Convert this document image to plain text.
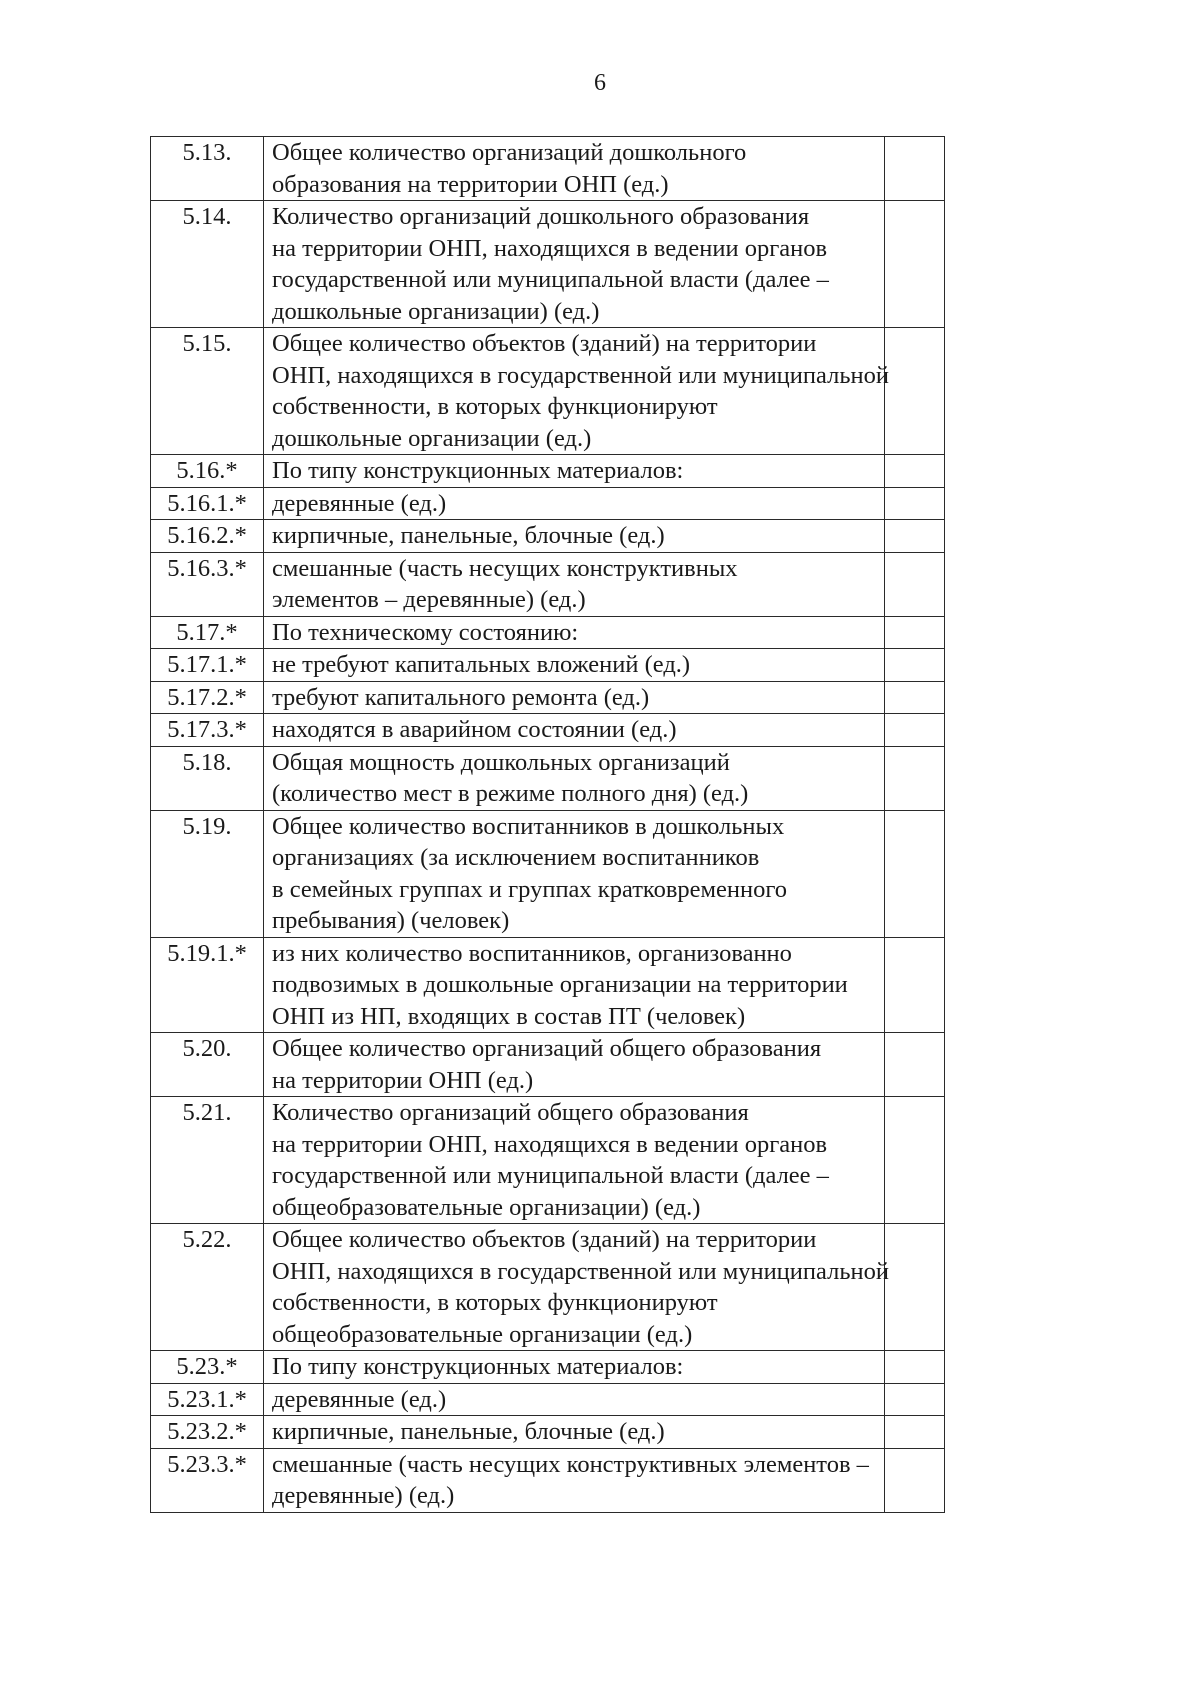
6
5.13.	Общее количество организаций дошкольного
образования на территории ОНП (ед.)	

5.14.	Количество организаций дошкольного образования
на территории ОНП, находящихся в ведении органов
государственной или муниципальной власти (далее –
дошкольные организации) (ед.)	

5.15.	Общее количество объектов (зданий) на территории
ОНП, находящихся в государственной или муниципальной
собственности, в которых функционируют
дошкольные организации (ед.)	

5.16.*	По типу конструкционных материалов:	

5.16.1.*	деревянные (ед.)	

5.16.2.*	кирпичные, панельные, блочные (ед.)	

5.16.3.*	смешанные (часть несущих конструктивных
элементов – деревянные) (ед.)	

5.17.*	По техническому состоянию:	

5.17.1.*	не требуют капитальных вложений (ед.)	

5.17.2.*	требуют капитального ремонта (ед.)	

5.17.3.*	находятся в аварийном состоянии (ед.)	

5.18.	Общая мощность дошкольных организаций
(количество мест в режиме полного дня) (ед.)	

5.19.	Общее количество воспитанников в дошкольных
организациях (за исключением воспитанников
в семейных группах и группах кратковременного
пребывания) (человек)	

5.19.1.*	из них количество воспитанников, организованно
подвозимых в дошкольные организации на территории
ОНП из НП, входящих в состав ПТ (человек)	

5.20.	Общее количество организаций общего образования
на территории ОНП (ед.)	

5.21.	Количество организаций общего образования
на территории ОНП, находящихся в ведении органов
государственной или муниципальной власти (далее –
общеобразовательные организации) (ед.)	

5.22.	Общее количество объектов (зданий) на территории
ОНП, находящихся в государственной или муниципальной
собственности, в которых функционируют
общеобразовательные организации (ед.)	

5.23.*	По типу конструкционных материалов:	

5.23.1.*	деревянные (ед.)	

5.23.2.*	кирпичные, панельные, блочные (ед.)	

5.23.3.*	смешанные (часть несущих конструктивных элементов –
деревянные) (ед.)	
